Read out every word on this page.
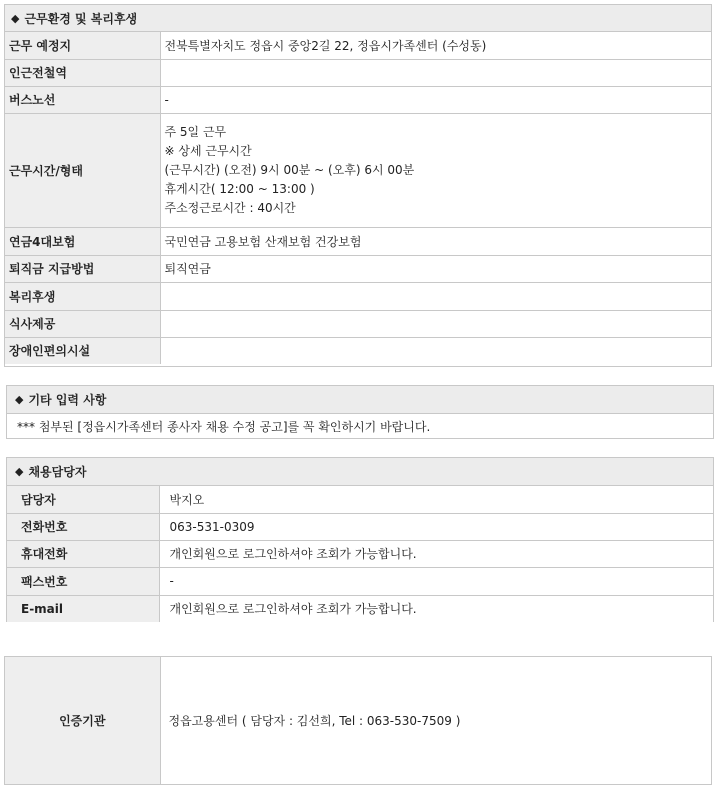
◆ 근무환경 및 복리후생
근무 예정지	전북특별자치도 정읍시 중앙2길 22, 정읍시가족센터 (수성동)
인근전철역	
버스노선	-
근무시간/형태	주 5일 근무
※ 상세 근무시간
(근무시간) (오전) 9시 00분 ~ (오후) 6시 00분
휴게시간( 12:00 ~ 13:00 )
주소정근로시간 : 40시간

연금4대보험	국민연금 고용보험 산재보험 건강보험
퇴직금 지급방법	퇴직연금
복리후생	
식사제공	
장애인편의시설	
◆ 기타 입력 사항
*** 첨부된 [정읍시가족센터 종사자 채용 수정 공고]를 꼭 확인하시기 바랍니다.
◆ 채용담당자
담당자	박지오
전화번호	063-531-0309
휴대전화	개인회원으로 로그인하셔야 조회가 가능합니다.
팩스번호	-
E-mail	개인회원으로 로그인하셔야 조회가 가능합니다.
인증기관	정읍고용센터 ( 담당자 : 김선희, Tel : 063-530-7509 )
